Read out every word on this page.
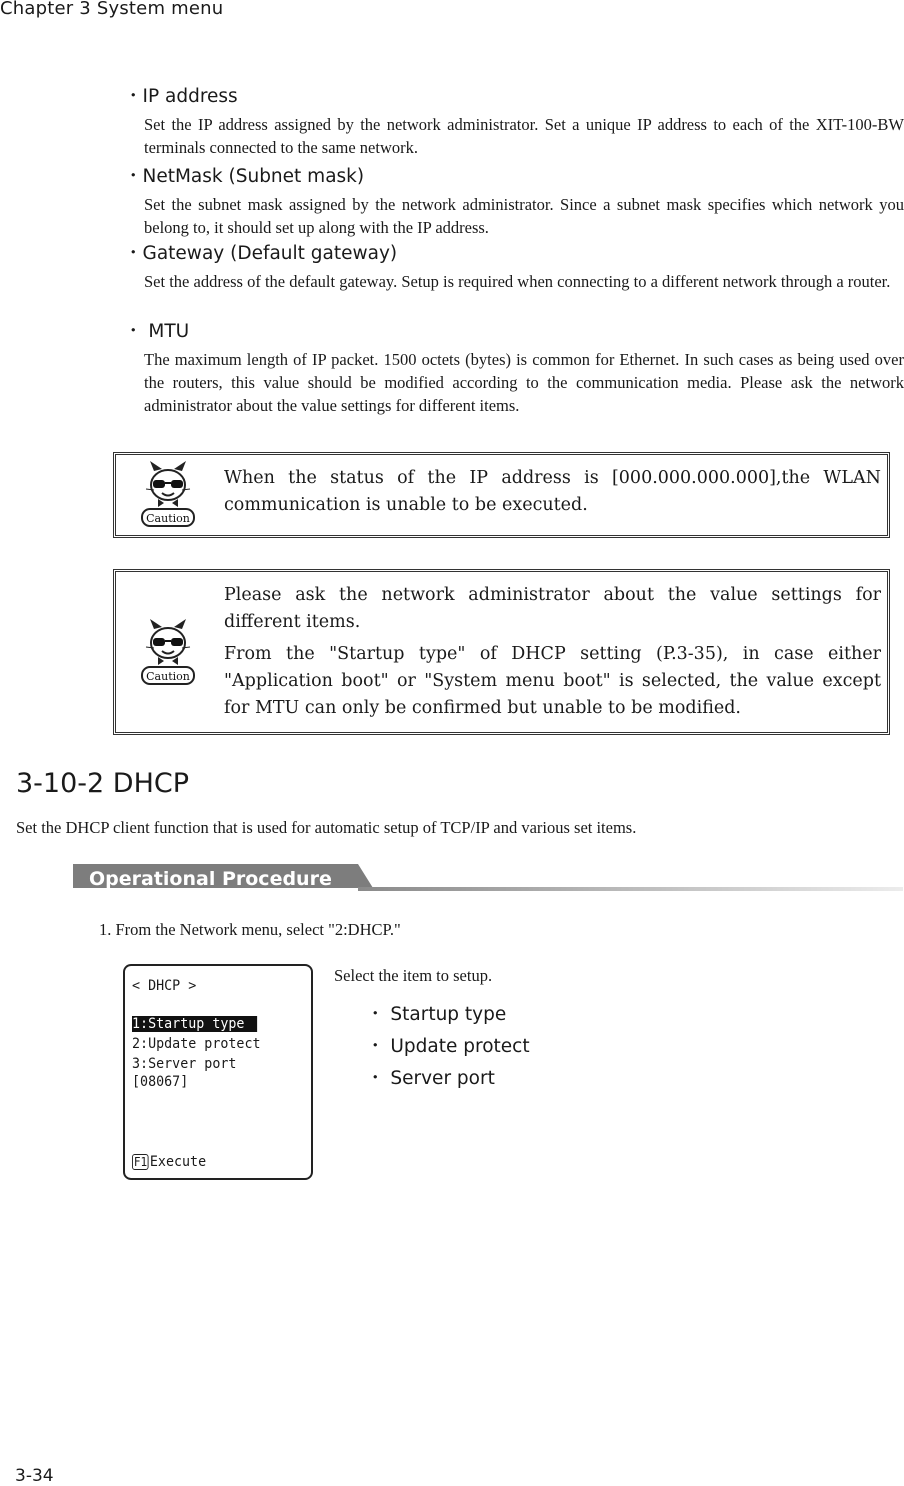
Chapter 3 System menu
・IP address
Set the IP address assigned by the network administrator. Set a unique IP address to each of the XIT-100-BW terminals connected to the same network.
・NetMask (Subnet mask)
Set the subnet mask assigned by the network administrator. Since a subnet mask specifies which network you belong to, it should set up along with the IP address.
・Gateway (Default gateway)
Set the address of the default gateway. Setup is required when connecting to a different network through a router.
・ MTU
The maximum length of IP packet. 1500 octets (bytes) is common for Ethernet. In such cases as being used over the routers, this value should be modified according to the communication media. Please ask the network administrator about the value settings for different items.
Caution
When the status of the IP address is [000.000.000.000],the WLAN communication is unable to be executed.
Caution
Please ask the network administrator about the value settings for different items.
From the "Startup type" of DHCP setting (P.3-35), in case either "Application boot" or "System menu boot" is selected, the value except for MTU can only be confirmed but unable to be modified.
3-10-2 DHCP
Set the DHCP client function that is used for automatic setup of TCP/IP and various set items.
Operational Procedure
1. From the Network menu, select "2:DHCP."
< DHCP >
1:Startup type
2:Update protect
3:Server port
[08067]
F1 Execute
Select the item to setup.
・ Startup type
・ Update protect
・ Server port
3-34
